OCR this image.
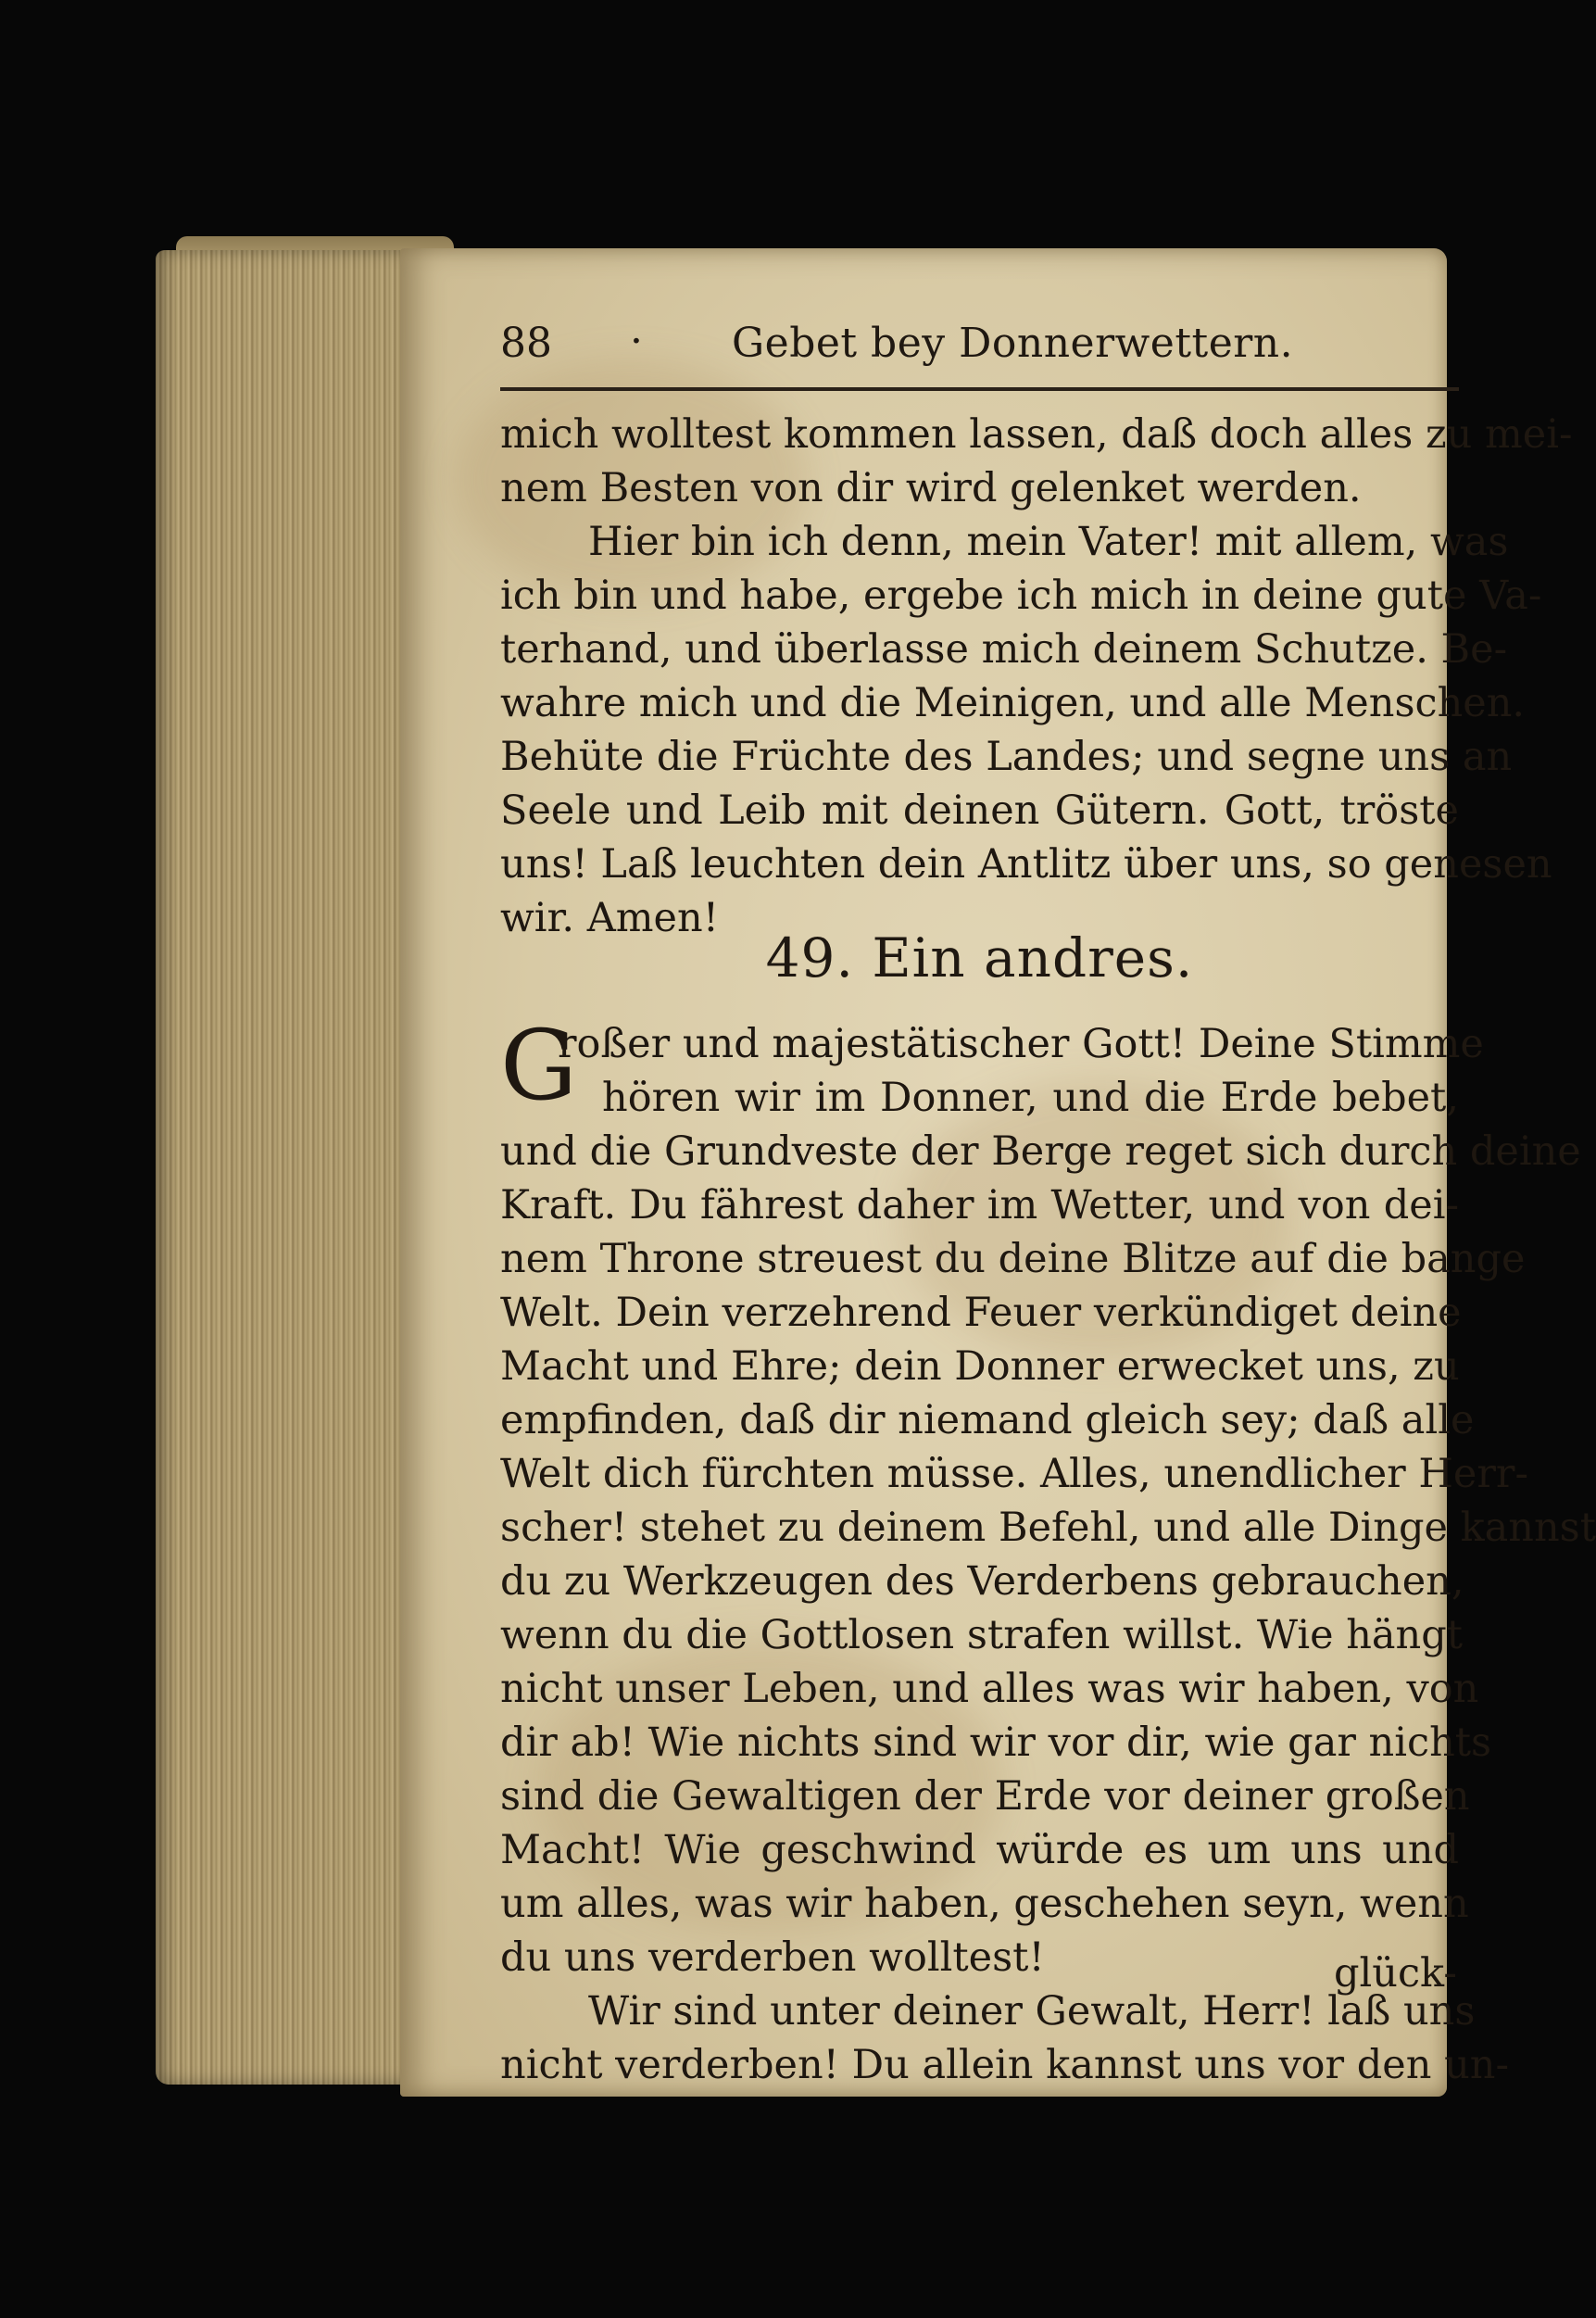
88 · Gebet bey Donnerwettern.
mich wolltest kommen lassen, daß doch alles zu mei-
nem Besten von dir wird gelenket werden.
Hier bin ich denn, mein Vater! mit allem, was
ich bin und habe, ergebe ich mich in deine gute Va-
terhand, und überlasse mich deinem Schutze. Be-
wahre mich und die Meinigen, und alle Menschen.
Behüte die Früchte des Landes; und segne uns an
Seele und Leib mit deinen Gütern. Gott, tröste
uns! Laß leuchten dein Antlitz über uns, so genesen
wir. Amen!
49. Ein andres.
G
roßer und majestätischer Gott! Deine Stimme
hören wir im Donner, und die Erde bebet,
und die Grundveste der Berge reget sich durch deine
Kraft. Du fährest daher im Wetter, und von dei-
nem Throne streuest du deine Blitze auf die bange
Welt. Dein verzehrend Feuer verkündiget deine
Macht und Ehre; dein Donner erwecket uns, zu
empfinden, daß dir niemand gleich sey; daß alle
Welt dich fürchten müsse. Alles, unendlicher Herr-
scher! stehet zu deinem Befehl, und alle Dinge kannst
du zu Werkzeugen des Verderbens gebrauchen,
wenn du die Gottlosen strafen willst. Wie hängt
nicht unser Leben, und alles was wir haben, von
dir ab! Wie nichts sind wir vor dir, wie gar nichts
sind die Gewaltigen der Erde vor deiner großen
Macht! Wie geschwind würde es um uns und
um alles, was wir haben, geschehen seyn, wenn
du uns verderben wolltest!
Wir sind unter deiner Gewalt, Herr! laß uns
nicht verderben! Du allein kannst uns vor den un-
glück-
